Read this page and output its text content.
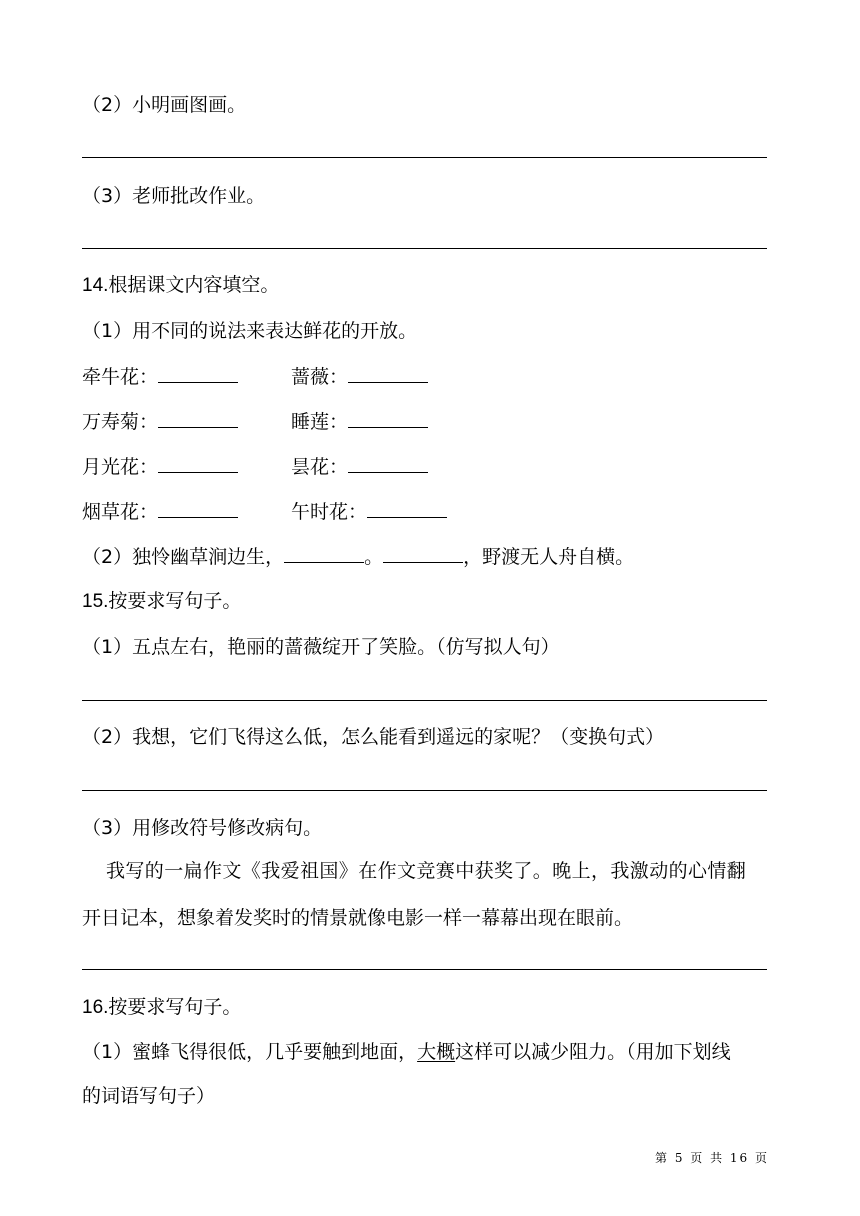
（2）小明画图画。
（3）老师批改作业。
14.根据课文内容填空。
（1）用不同的说法来表达鲜花的开放。
牵牛花：	蔷薇：
万寿菊：	睡莲：
月光花：	昙花：
烟草花：	午时花：
（2）独怜幽草涧边生，	。	，野渡无人舟自横。
15.按要求写句子。
（1）五点左右，艳丽的蔷薇绽开了笑脸。（仿写拟人句）
（2）我想，它们飞得这么低，怎么能看到遥远的家呢？（变换句式）
（3）用修改符号修改病句。
我写的一扁作文《我爱祖国》在作文竞赛中获奖了。晚上，我激动的心情翻
开日记本，想象着发奖时的情景就像电影一样一幕幕出现在眼前。
16.按要求写句子。
（1）蜜蜂飞得很低，几乎要触到地面，大概这样可以减少阻力。（用加下划线
的词语写句子）
第 5 页 共 16 页
